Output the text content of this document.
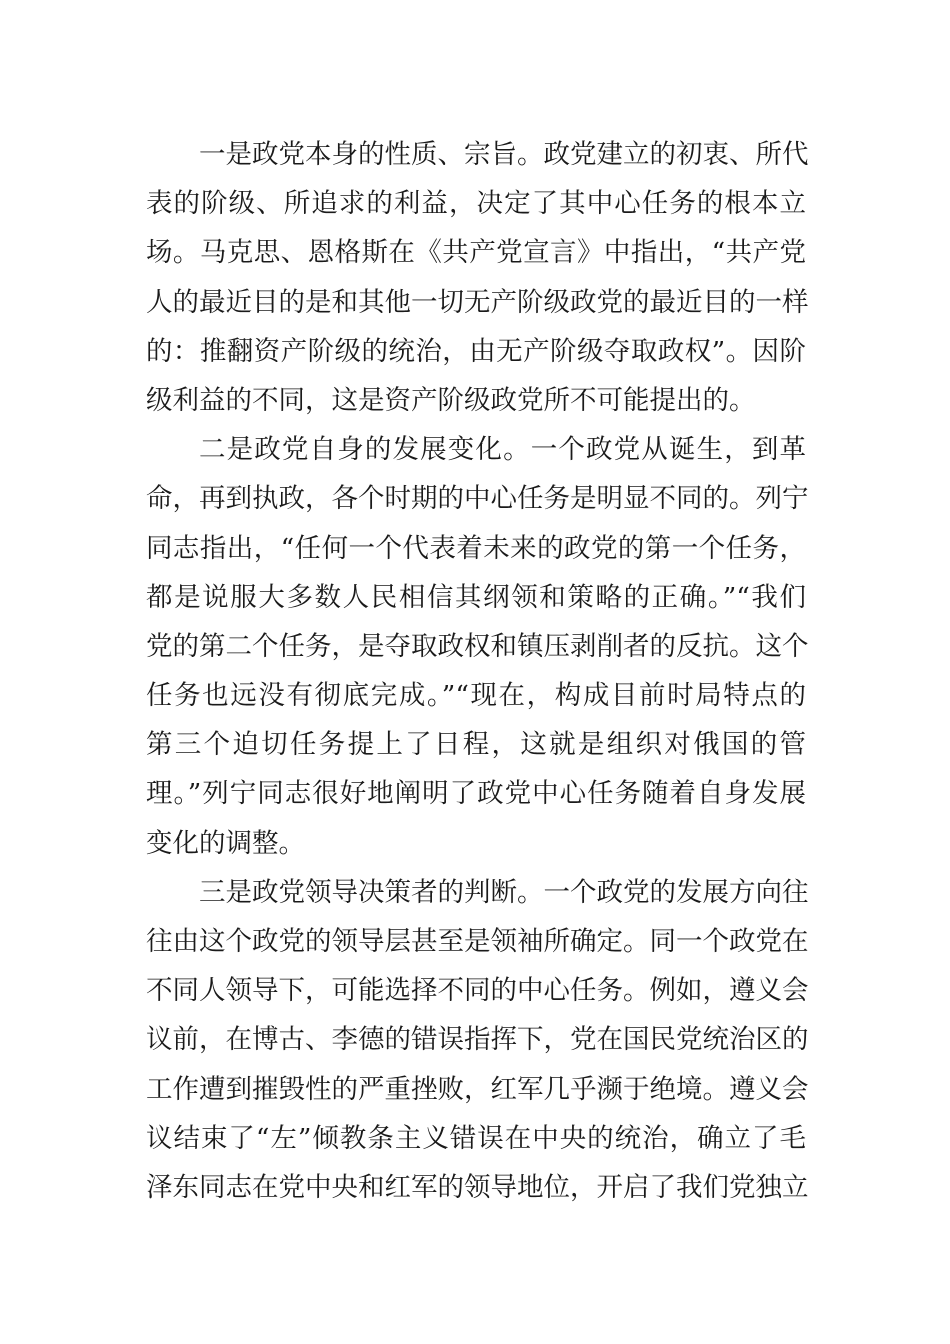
一是政党本身的性质、宗旨。政党建立的初衷、所代
表的阶级、所追求的利益，决定了其中心任务的根本立
场。马克思、恩格斯在《共产党宣言》中指出，“共产党
人的最近目的是和其他一切无产阶级政党的最近目的一样
的：推翻资产阶级的统治，由无产阶级夺取政权”。因阶
级利益的不同，这是资产阶级政党所不可能提出的。
二是政党自身的发展变化。一个政党从诞生，到革
命，再到执政，各个时期的中心任务是明显不同的。列宁
同志指出，“任何一个代表着未来的政党的第一个任务，
都是说服大多数人民相信其纲领和策略的正确。”“我们
党的第二个任务，是夺取政权和镇压剥削者的反抗。这个
任务也远没有彻底完成。”“现在，构成目前时局特点的
第三个迫切任务提上了日程，这就是组织对俄国的管
理。”列宁同志很好地阐明了政党中心任务随着自身发展
变化的调整。
三是政党领导决策者的判断。一个政党的发展方向往
往由这个政党的领导层甚至是领袖所确定。同一个政党在
不同人领导下，可能选择不同的中心任务。例如，遵义会
议前，在博古、李德的错误指挥下，党在国民党统治区的
工作遭到摧毁性的严重挫败，红军几乎濒于绝境。遵义会
议结束了“左”倾教条主义错误在中央的统治，确立了毛
泽东同志在党中央和红军的领导地位，开启了我们党独立
